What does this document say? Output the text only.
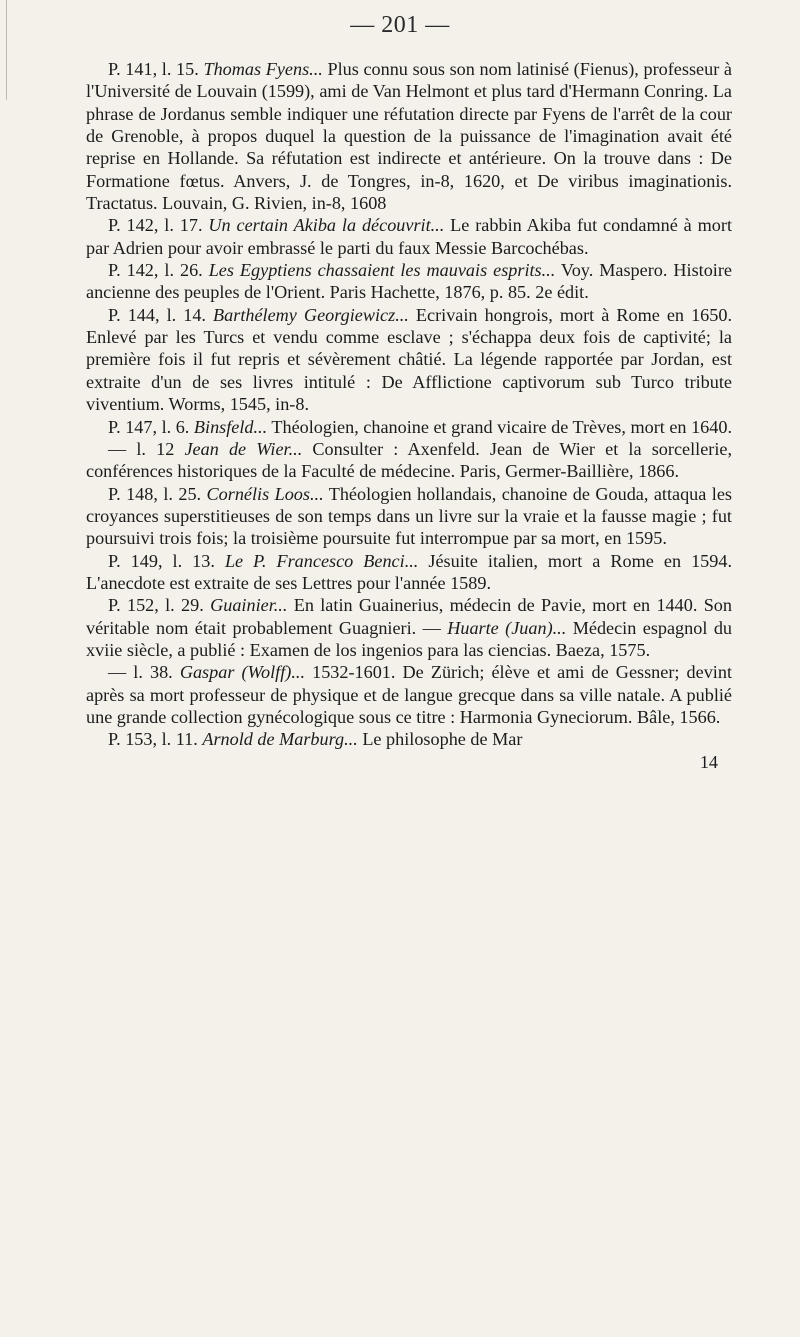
— 201 —

P. 141, l. 15. Thomas Fyens... Plus connu sous son nom latinisé (Fienus), professeur à l'Université de Louvain (1599), ami de Van Helmont et plus tard d'Hermann Conring. La phrase de Jordanus semble indiquer une réfutation directe par Fyens de l'arrêt de la cour de Grenoble, à propos duquel la question de la puissance de l'imagination avait été reprise en Hollande. Sa réfutation est indirecte et antérieure. On la trouve dans : De Formatione fœtus. Anvers, J. de Tongres, in-8, 1620, et De viribus imaginationis. Tractatus. Louvain, G. Rivien, in-8, 1608

P. 142, l. 17. Un certain Akiba la découvrit... Le rabbin Akiba fut condamné à mort par Adrien pour avoir embrassé le parti du faux Messie Barcochébas.

P. 142, l. 26. Les Egyptiens chassaient les mauvais esprits... Voy. Maspero. Histoire ancienne des peuples de l'Orient. Paris Hachette, 1876, p. 85. 2e édit.

P. 144, l. 14. Barthélemy Georgiewicz... Ecrivain hongrois, mort à Rome en 1650. Enlevé par les Turcs et vendu comme esclave ; s'échappa deux fois de captivité; la première fois il fut repris et sévèrement châtié. La légende rapportée par Jordan, est extraite d'un de ses livres intitulé : De Afflictione captivorum sub Turco tribute viventium. Worms, 1545, in-8.

P. 147, l. 6. Binsfeld... Théologien, chanoine et grand vicaire de Trèves, mort en 1640.

— l. 12 Jean de Wier... Consulter : Axenfeld. Jean de Wier et la sorcellerie, conférences historiques de la Faculté de médecine. Paris, Germer-Baillière, 1866.

P. 148, l. 25. Cornélis Loos... Théologien hollandais, chanoine de Gouda, attaqua les croyances superstitieuses de son temps dans un livre sur la vraie et la fausse magie ; fut poursuivi trois fois; la troisième poursuite fut interrompue par sa mort, en 1595.

P. 149, l. 13. Le P. Francesco Benci... Jésuite italien, mort a Rome en 1594. L'anecdote est extraite de ses Lettres pour l'année 1589.

P. 152, l. 29. Guainier... En latin Guainerius, médecin de Pavie, mort en 1440. Son véritable nom était probablement Guagnieri. — Huarte (Juan)... Médecin espagnol du xviie siècle, a publié : Examen de los ingenios para las ciencias. Baeza, 1575.

— l. 38. Gaspar (Wolff)... 1532-1601. De Zürich; élève et ami de Gessner; devint après sa mort professeur de physique et de langue grecque dans sa ville natale. A publié une grande collection gynécologique sous ce titre : Harmonia Gyneciorum. Bâle, 1566.

P. 153, l. 11. Arnold de Marburg... Le philosophe de Mar

14
